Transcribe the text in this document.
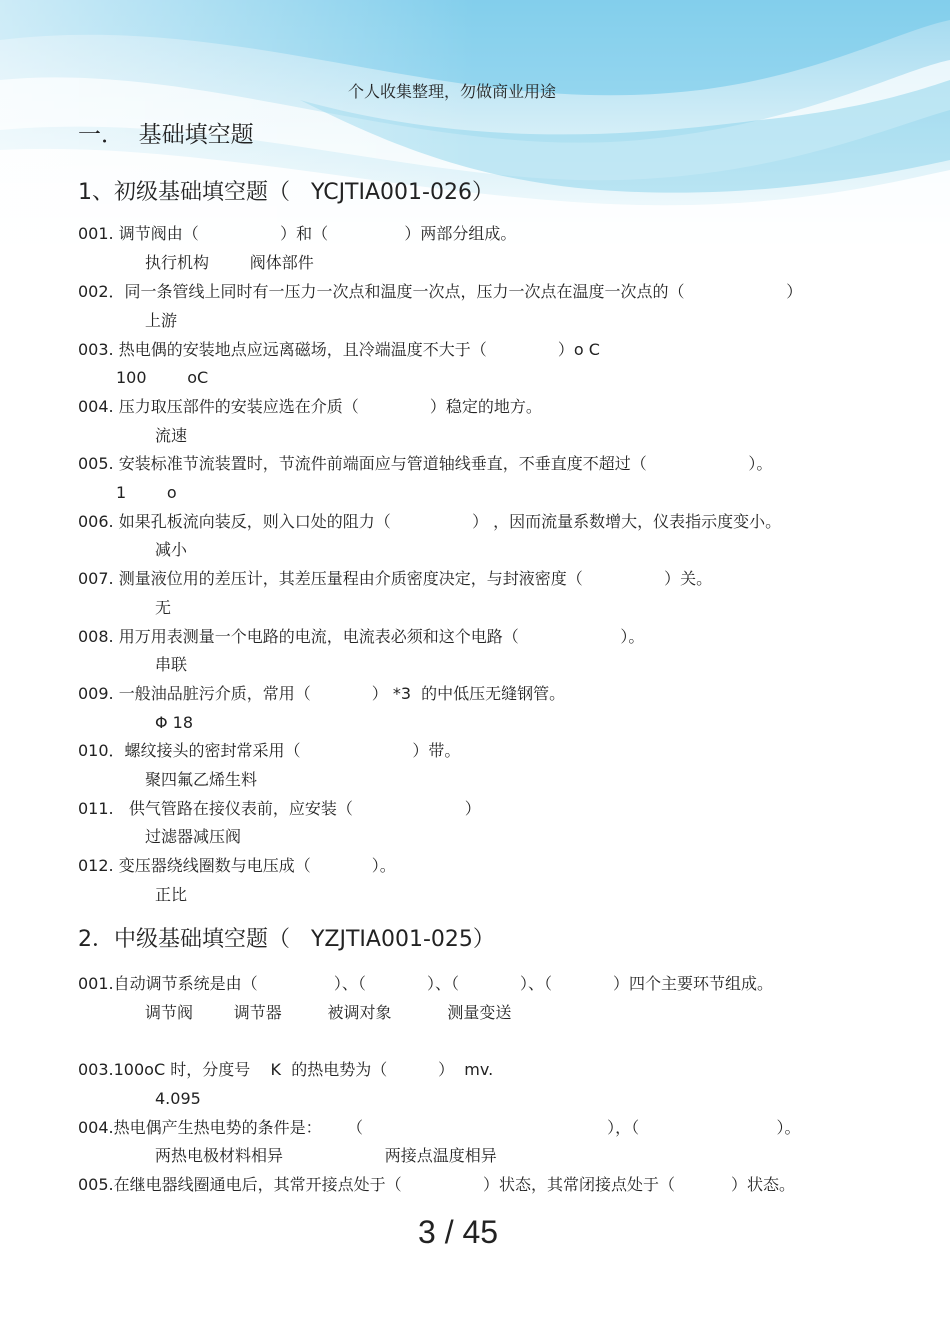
个人收集整理，勿做商业用途
一．  基础填空题
1、初级基础填空题（   YCJTIA001-026）
001. 调节阀由（                ）和（               ）两部分组成。
执行机构        阀体部件
002．同一条管线上同时有一压力一次点和温度一次点，压力一次点在温度一次点的（                    ）
上游
003. 热电偶的安装地点应远离磁场，且冷端温度不大于（              ）o C
100        oC
004. 压力取压部件的安装应选在介质（              ）稳定的地方。
流速
005. 安装标准节流装置时，节流件前端面应与管道轴线垂直，不垂直度不超过（                    ）。
1        o
006. 如果孔板流向装反，则入口处的阻力（                ） ，因而流量系数增大，仪表指示度变小。
减小
007. 测量液位用的差压计，其差压量程由介质密度决定，与封液密度（                ）关。
无
008. 用万用表测量一个电路的电流，电流表必须和这个电路（                    ）。
串联
009. 一般油品脏污介质，常用（            ） *3  的中低压无缝钢管。
Φ 18
010．螺纹接头的密封常采用（                      ）带。
聚四氟乙烯生料
011.   供气管路在接仪表前，应安装（                      ）
过滤器减压阀
012. 变压器绕线圈数与电压成（            ）。
正比
2．中级基础填空题（   YZJTIA001-025）
001.自动调节系统是由（               ）、（            ）、（            ）、（            ）四个主要环节组成。
调节阀        调节器         被调对象           测量变送
003.100oC 时，分度号    K  的热电势为（          ）  mv.
4.095
004.热电偶产生热电势的条件是：     （                                                ），（                           ）。
两热电极材料相异                    两接点温度相异
005.在继电器线圈通电后，其常开接点处于（                ）状态，其常闭接点处于（           ）状态。
3 / 45
